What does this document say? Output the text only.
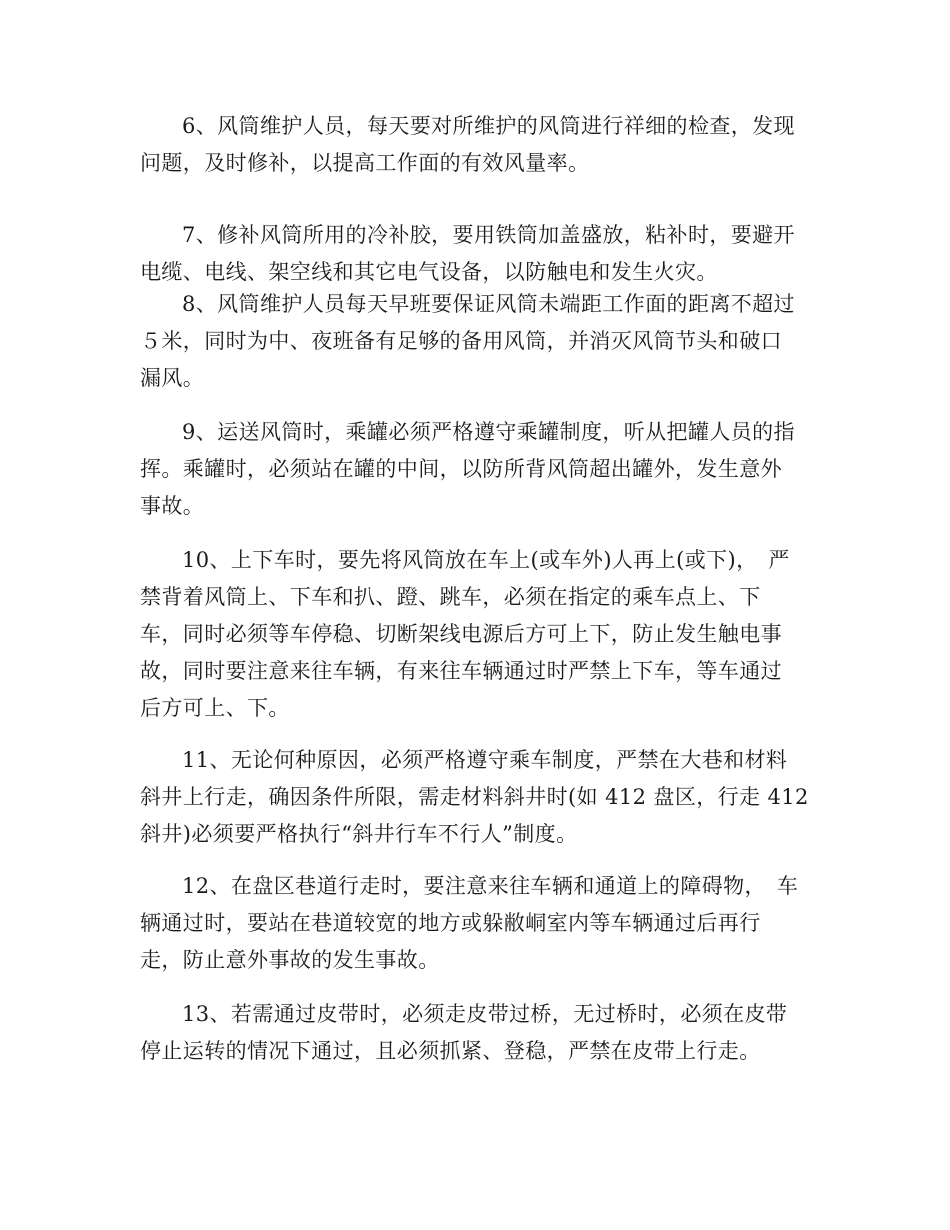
6、风筒维护人员，每天要对所维护的风筒进行祥细的检查，发现
问题，及时修补，以提高工作面的有效风量率。
7、修补风筒所用的冷补胶，要用铁筒加盖盛放，粘补时，要避开
电缆、电线、架空线和其它电气设备，以防触电和发生火灾。
8、风筒维护人员每天早班要保证风筒未端距工作面的距离不超过
５米，同时为中、夜班备有足够的备用风筒，并消灭风筒节头和破口
漏风。
9、运送风筒时，乘罐必须严格遵守乘罐制度，听从把罐人员的指
挥。乘罐时，必须站在罐的中间，以防所背风筒超出罐外，发生意外
事故。
10、上下车时，要先将风筒放在车上(或车外)人再上(或下)，　严
禁背着风筒上、下车和扒、蹬、跳车，必须在指定的乘车点上、下
车，同时必须等车停稳、切断架线电源后方可上下，防止发生触电事
故，同时要注意来往车辆，有来往车辆通过时严禁上下车，等车通过
后方可上、下。
11、无论何种原因，必须严格遵守乘车制度，严禁在大巷和材料
斜井上行走，确因条件所限，需走材料斜井时(如 412 盘区，行走 412
斜井)必须要严格执行“斜井行车不行人”制度。
12、在盘区巷道行走时，要注意来往车辆和通道上的障碍物，　车
辆通过时，要站在巷道较宽的地方或躲敝峒室内等车辆通过后再行
走，防止意外事故的发生事故。
13、若需通过皮带时，必须走皮带过桥，无过桥时，必须在皮带
停止运转的情况下通过，且必须抓紧、登稳，严禁在皮带上行走。
